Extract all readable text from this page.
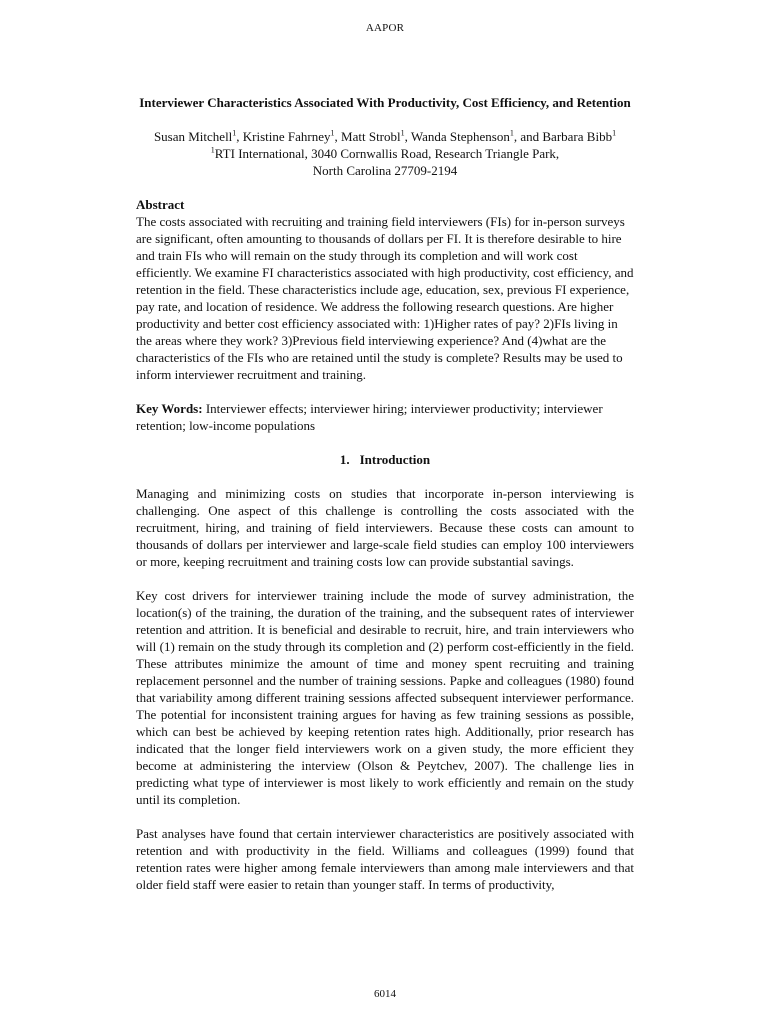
AAPOR
Interviewer Characteristics Associated With Productivity, Cost Efficiency, and Retention
Susan Mitchell$^1$, Kristine Fahrney$^1$, Matt Strobl$^1$, Wanda Stephenson$^1$, and Barbara Bibb$^1$
$^1$RTI International, 3040 Cornwallis Road, Research Triangle Park,
North Carolina 27709-2194
Abstract
The costs associated with recruiting and training field interviewers (FIs) for in-person surveys are significant, often amounting to thousands of dollars per FI. It is therefore desirable to hire and train FIs who will remain on the study through its completion and will work cost efficiently. We examine FI characteristics associated with high productivity, cost efficiency, and retention in the field. These characteristics include age, education, sex, previous FI experience, pay rate, and location of residence. We address the following research questions. Are higher productivity and better cost efficiency associated with: 1)Higher rates of pay? 2)FIs living in the areas where they work? 3)Previous field interviewing experience? And (4)what are the characteristics of the FIs who are retained until the study is complete? Results may be used to inform interviewer recruitment and training.
Key Words: Interviewer effects; interviewer hiring; interviewer productivity; interviewer retention; low-income populations
1. Introduction
Managing and minimizing costs on studies that incorporate in-person interviewing is challenging. One aspect of this challenge is controlling the costs associated with the recruitment, hiring, and training of field interviewers. Because these costs can amount to thousands of dollars per interviewer and large-scale field studies can employ 100 interviewers or more, keeping recruitment and training costs low can provide substantial savings.
Key cost drivers for interviewer training include the mode of survey administration, the location(s) of the training, the duration of the training, and the subsequent rates of interviewer retention and attrition. It is beneficial and desirable to recruit, hire, and train interviewers who will (1) remain on the study through its completion and (2) perform cost-efficiently in the field. These attributes minimize the amount of time and money spent recruiting and training replacement personnel and the number of training sessions. Papke and colleagues (1980) found that variability among different training sessions affected subsequent interviewer performance. The potential for inconsistent training argues for having as few training sessions as possible, which can best be achieved by keeping retention rates high. Additionally, prior research has indicated that the longer field interviewers work on a given study, the more efficient they become at administering the interview (Olson & Peytchev, 2007). The challenge lies in predicting what type of interviewer is most likely to work efficiently and remain on the study until its completion.
Past analyses have found that certain interviewer characteristics are positively associated with retention and with productivity in the field. Williams and colleagues (1999) found that retention rates were higher among female interviewers than among male interviewers and that older field staff were easier to retain than younger staff. In terms of productivity,
6014
